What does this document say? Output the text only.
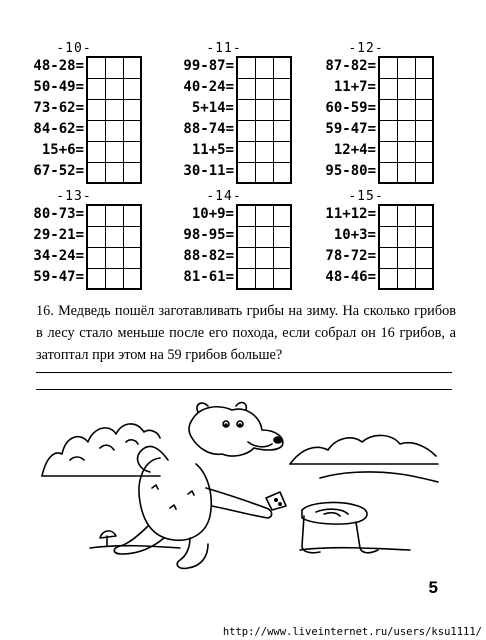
-10-
48-28=
50-49=
73-62=
84-62=
15+6=
67-52=
-11-
99-87=
40-24=
5+14=
88-74=
11+5=
30-11=
-12-
87-82=
11+7=
60-59=
59-47=
12+4=
95-80=
-13-
80-73=
29-21=
34-24=
59-47=
-14-
10+9=
98-95=
88-82=
81-61=
-15-
11+12=
10+3=
78-72=
48-46=
16. Медведь пошёл заготавливать грибы на зиму. На сколько грибов в лесу стало меньше после его похода, если собрал он 16 грибов, а затоптал при этом на 59 грибов больше?
5
http://www.liveinternet.ru/users/ksu1111/
